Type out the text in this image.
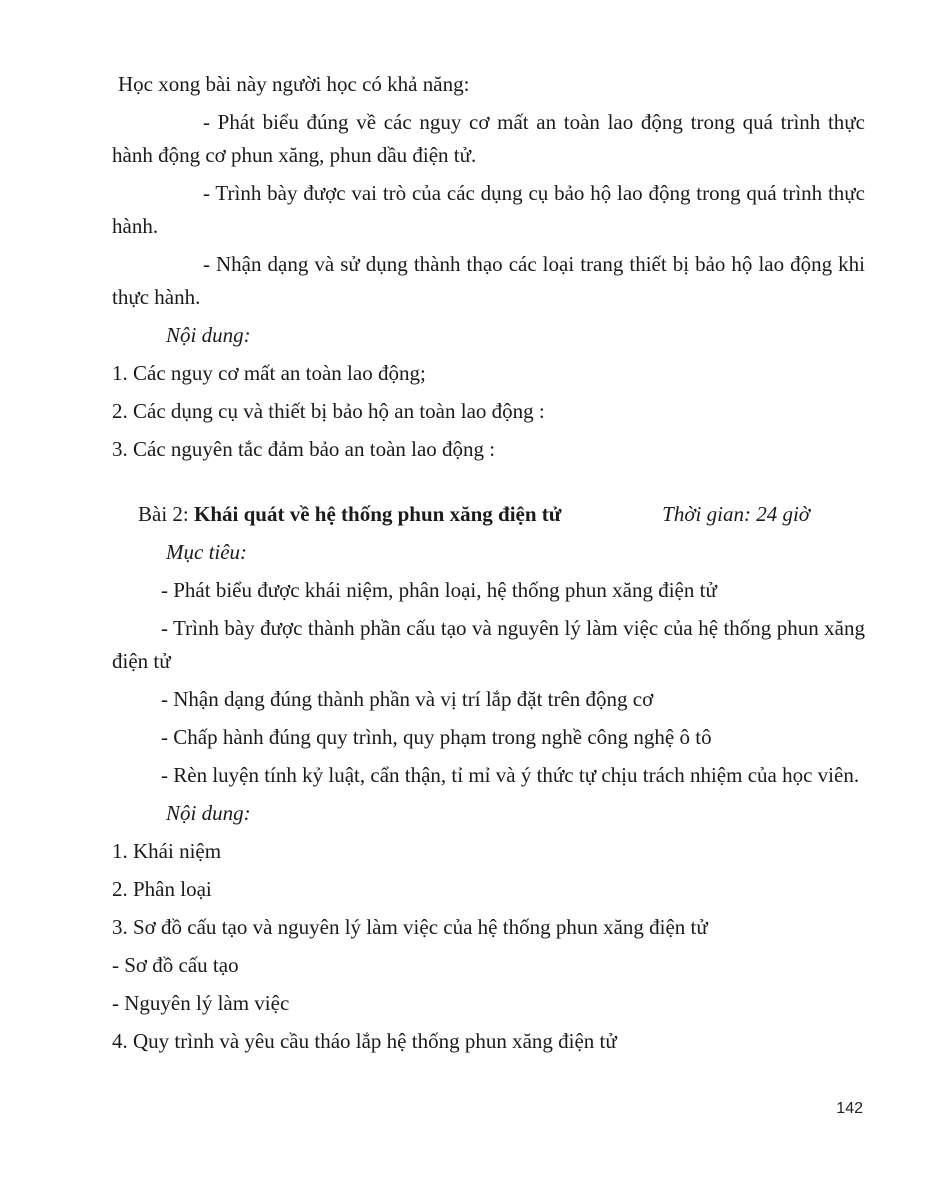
Học xong bài này người học có khả năng:

- Phát biểu đúng về các nguy cơ mất an toàn lao động trong quá trình thực hành động cơ phun xăng, phun dầu điện tử.

- Trình bày được vai trò của các dụng cụ bảo hộ lao động trong quá trình thực hành.

- Nhận dạng và sử dụng thành thạo các loại trang thiết bị bảo hộ lao động khi thực hành.

Nội dung:

1. Các nguy cơ mất an toàn lao động;

2. Các dụng cụ và thiết bị bảo hộ an toàn lao động :

3. Các nguyên tắc đảm bảo an toàn lao động :

Bài 2: Khái quát về hệ thống phun xăng điện tử	Thời gian: 24 giờ

Mục tiêu:

- Phát biểu được khái niệm, phân loại, hệ thống phun xăng điện tử

- Trình bày được thành phần cấu tạo và nguyên lý làm việc của hệ thống phun xăng điện tử

- Nhận dạng đúng thành phần và vị trí lắp đặt trên động cơ

- Chấp hành đúng quy trình, quy phạm trong nghề công nghệ ô tô

- Rèn luyện tính kỷ luật, cẩn thận, tỉ mỉ và ý thức tự chịu trách nhiệm của học viên.

Nội dung:

1. Khái niệm

2. Phân loại

3. Sơ đồ cấu tạo và nguyên lý làm việc của hệ thống phun xăng điện tử

- Sơ đồ cấu tạo

- Nguyên lý làm việc

4. Quy trình và yêu cầu tháo lắp hệ thống phun xăng điện tử

142
